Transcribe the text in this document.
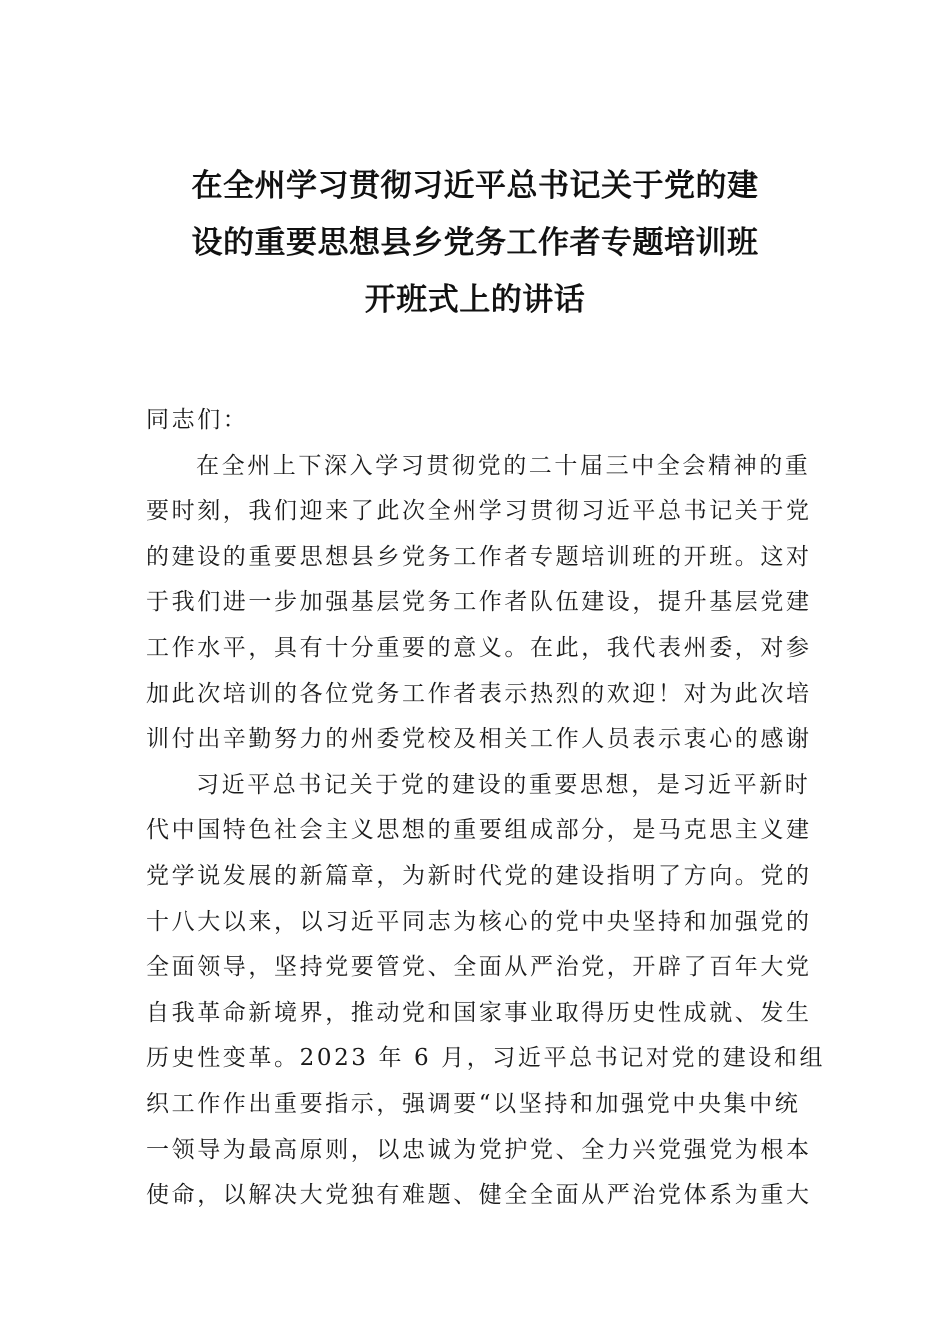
在全州学习贯彻习近平总书记关于党的建
设的重要思想县乡党务工作者专题培训班
开班式上的讲话
同志们：
在全州上下深入学习贯彻党的二十届三中全会精神的重
要时刻，我们迎来了此次全州学习贯彻习近平总书记关于党
的建设的重要思想县乡党务工作者专题培训班的开班。这对
于我们进一步加强基层党务工作者队伍建设，提升基层党建
工作水平，具有十分重要的意义。在此，我代表州委，对参
加此次培训的各位党务工作者表示热烈的欢迎！对为此次培
训付出辛勤努力的州委党校及相关工作人员表示衷心的感谢
习近平总书记关于党的建设的重要思想，是习近平新时
代中国特色社会主义思想的重要组成部分，是马克思主义建
党学说发展的新篇章，为新时代党的建设指明了方向。党的
十八大以来，以习近平同志为核心的党中央坚持和加强党的
全面领导，坚持党要管党、全面从严治党，开辟了百年大党
自我革命新境界，推动党和国家事业取得历史性成就、发生
历史性变革。2023 年 6 月，习近平总书记对党的建设和组
织工作作出重要指示，强调要“以坚持和加强党中央集中统
一领导为最高原则，以忠诚为党护党、全力兴党强党为根本
使命，以解决大党独有难题、健全全面从严治党体系为重大
